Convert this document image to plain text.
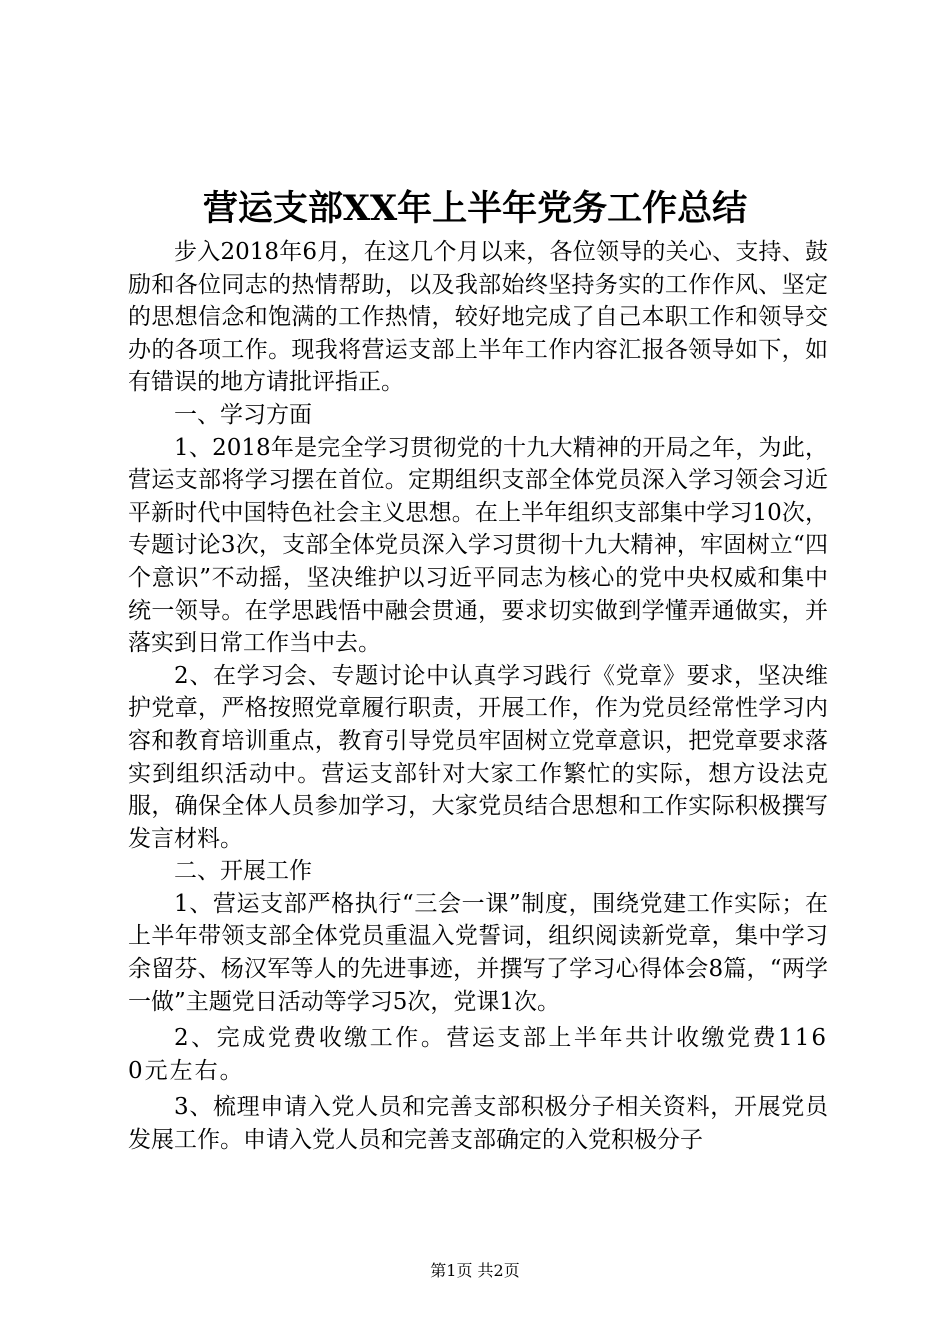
营运支部XX年上半年党务工作总结

步入2018年6月，在这几个月以来，各位领导的关心、支持、鼓励和各位同志的热情帮助，以及我部始终坚持务实的工作作风、坚定的思想信念和饱满的工作热情，较好地完成了自己本职工作和领导交办的各项工作。现我将营运支部上半年工作内容汇报各领导如下，如有错误的地方请批评指正。

一、学习方面

1、2018年是完全学习贯彻党的十九大精神的开局之年，为此，营运支部将学习摆在首位。定期组织支部全体党员深入学习领会习近平新时代中国特色社会主义思想。在上半年组织支部集中学习10次，专题讨论3次，支部全体党员深入学习贯彻十九大精神，牢固树立“四个意识”不动摇，坚决维护以习近平同志为核心的党中央权威和集中统一领导。在学思践悟中融会贯通，要求切实做到学懂弄通做实，并落实到日常工作当中去。

2、在学习会、专题讨论中认真学习践行《党章》要求，坚决维护党章，严格按照党章履行职责，开展工作，作为党员经常性学习内容和教育培训重点，教育引导党员牢固树立党章意识，把党章要求落实到组织活动中。营运支部针对大家工作繁忙的实际，想方设法克服，确保全体人员参加学习，大家党员结合思想和工作实际积极撰写发言材料。

二、开展工作

1、营运支部严格执行“三会一课”制度，围绕党建工作实际；在上半年带领支部全体党员重温入党誓词，组织阅读新党章，集中学习余留芬、杨汉军等人的先进事迹，并撰写了学习心得体会8篇，“两学一做”主题党日活动等学习5次，党课1次。

2、完成党费收缴工作。营运支部上半年共计收缴党费1160元左右。

3、梳理申请入党人员和完善支部积极分子相关资料，开展党员发展工作。申请入党人员和完善支部确定的入党积极分子

第1页 共2页
